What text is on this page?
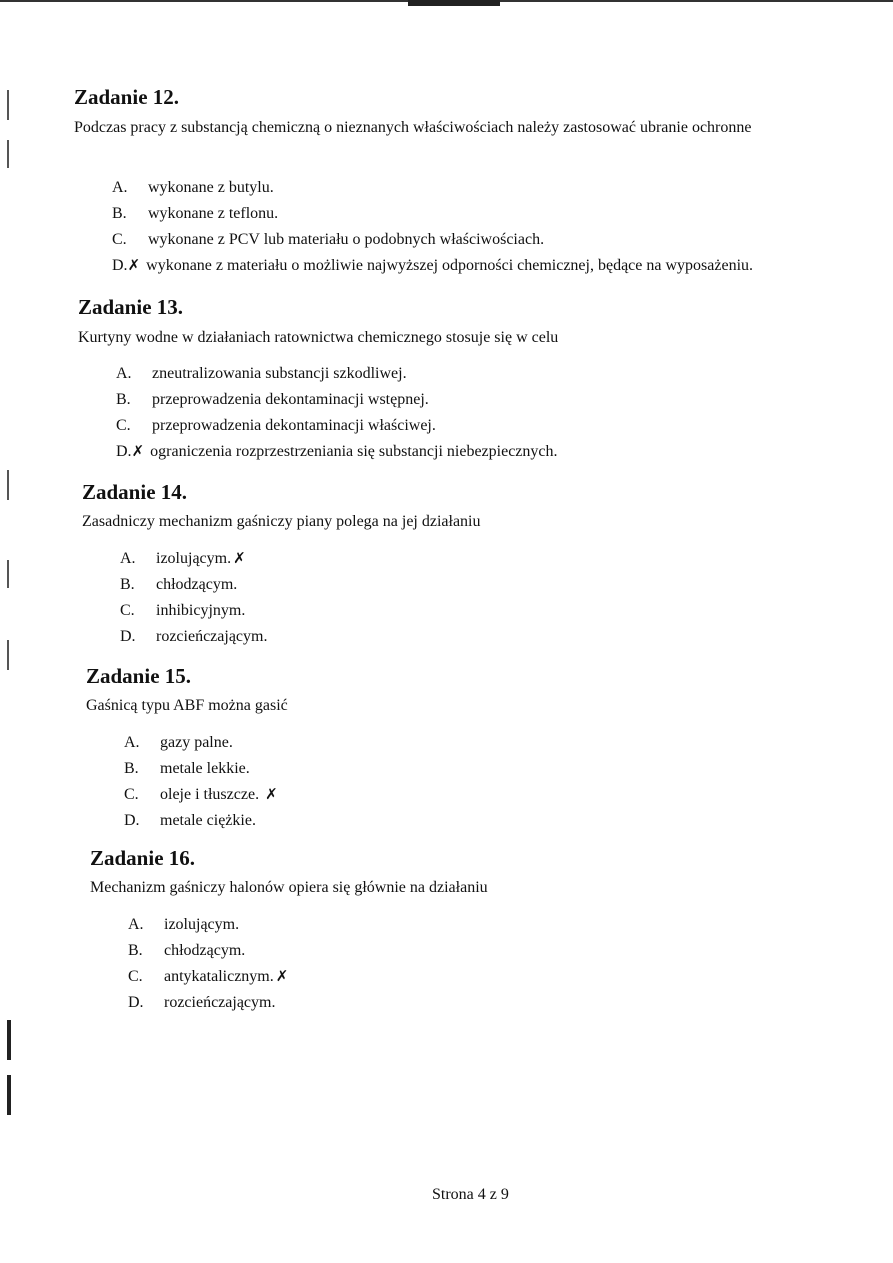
Zadanie 12.
Podczas pracy z substancją chemiczną o nieznanych właściwościach należy zastosować ubranie ochronne
A. wykonane z butylu.
B. wykonane z teflonu.
C. wykonane z PCV lub materiału o podobnych właściwościach.
D.✗ wykonane z materiału o możliwie najwyższej odporności chemicznej, będące na wyposażeniu.
Zadanie 13.
Kurtyny wodne w działaniach ratownictwa chemicznego stosuje się w celu
A. zneutralizowania substancji szkodliwej.
B. przeprowadzenia dekontaminacji wstępnej.
C. przeprowadzenia dekontaminacji właściwej.
D.✗ ograniczenia rozprzestrzeniania się substancji niebezpiecznych.
Zadanie 14.
Zasadniczy mechanizm gaśniczy piany polega na jej działaniu
A. izolującym. ✗
B. chłodzącym.
C. inhibicyjnym.
D. rozcieńczającym.
Zadanie 15.
Gaśnicą typu ABF można gasić
A. gazy palne.
B. metale lekkie.
C. oleje i tłuszcze. ✗
D. metale ciężkie.
Zadanie 16.
Mechanizm gaśniczy halonów opiera się głównie na działaniu
A. izolującym.
B. chłodzącym.
C. antykatalicznym. ✗
D. rozcieńczającym.
Strona 4 z 9
